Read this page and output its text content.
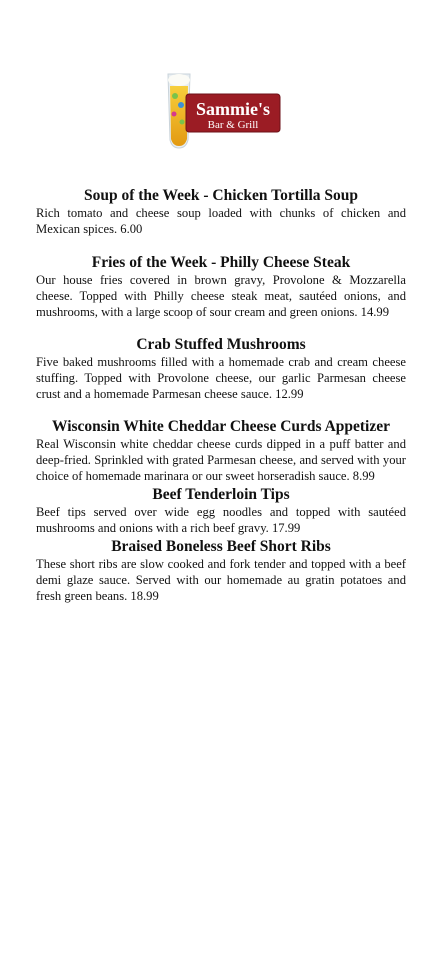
Sammie's
Bar & Grill

Soup of the Week - Chicken Tortilla Soup

Rich tomato and cheese soup loaded with chunks of chicken and Mexican spices. 6.00

Fries of the Week - Philly Cheese Steak

Our house fries covered in brown gravy, Provolone & Mozzarella cheese. Topped with Philly cheese steak meat, sautéed onions, and mushrooms, with a large scoop of sour cream and green onions. 14.99

Crab Stuffed Mushrooms

Five baked mushrooms filled with a homemade crab and cream cheese stuffing. Topped with Provolone cheese, our garlic Parmesan cheese crust and a homemade Parmesan cheese sauce. 12.99

Wisconsin White Cheddar Cheese Curds Appetizer

Real Wisconsin white cheddar cheese curds dipped in a puff batter and deep-fried. Sprinkled with grated Parmesan cheese, and served with your choice of homemade marinara or our sweet horseradish sauce. 8.99

Beef Tenderloin Tips

Beef tips served over wide egg noodles and topped with sautéed mushrooms and onions with a rich beef gravy. 17.99

Braised Boneless Beef Short Ribs

These short ribs are slow cooked and fork tender and topped with a beef demi glaze sauce. Served with our homemade au gratin potatoes and fresh green beans. 18.99
